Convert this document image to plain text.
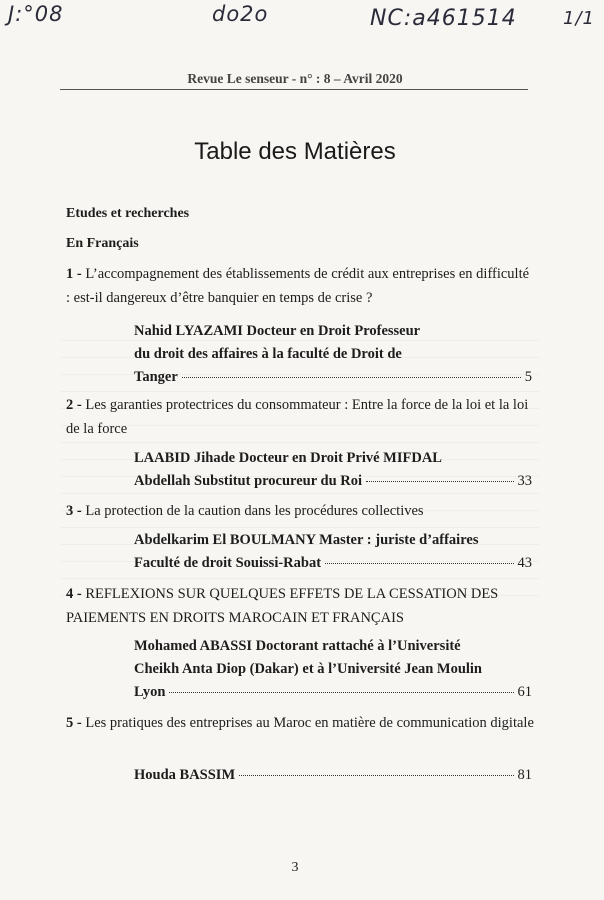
J:°08	do2o	NC:a461514	1/1
Revue Le senseur - n° : 8 – Avril 2020
Table des Matières
Etudes et recherches
En Français
1 - L’accompagnement des établissements de crédit aux entreprises en difficulté : est-il dangereux d’être banquier en temps de crise ?
Nahid LYAZAMI Docteur en Droit Professeur
du droit des affaires à la faculté de Droit de
Tanger	5
2 - Les garanties protectrices du consommateur : Entre la force de la loi et la loi de la force
LAABID Jihade Docteur en Droit Privé MIFDAL
Abdellah Substitut procureur du Roi	33
3 - La protection de la caution dans les procédures collectives
Abdelkarim El BOULMANY Master : juriste d’affaires
Faculté de droit Souissi-Rabat	43
4 - REFLEXIONS SUR QUELQUES EFFETS DE LA CESSATION DES PAIEMENTS EN DROITS MAROCAIN ET FRANÇAIS
Mohamed ABASSI Doctorant rattaché à l’Université
Cheikh Anta Diop (Dakar) et à l’Université Jean Moulin
Lyon	61
5 - Les pratiques des entreprises au Maroc en matière de communication digitale
Houda BASSIM	81
3
